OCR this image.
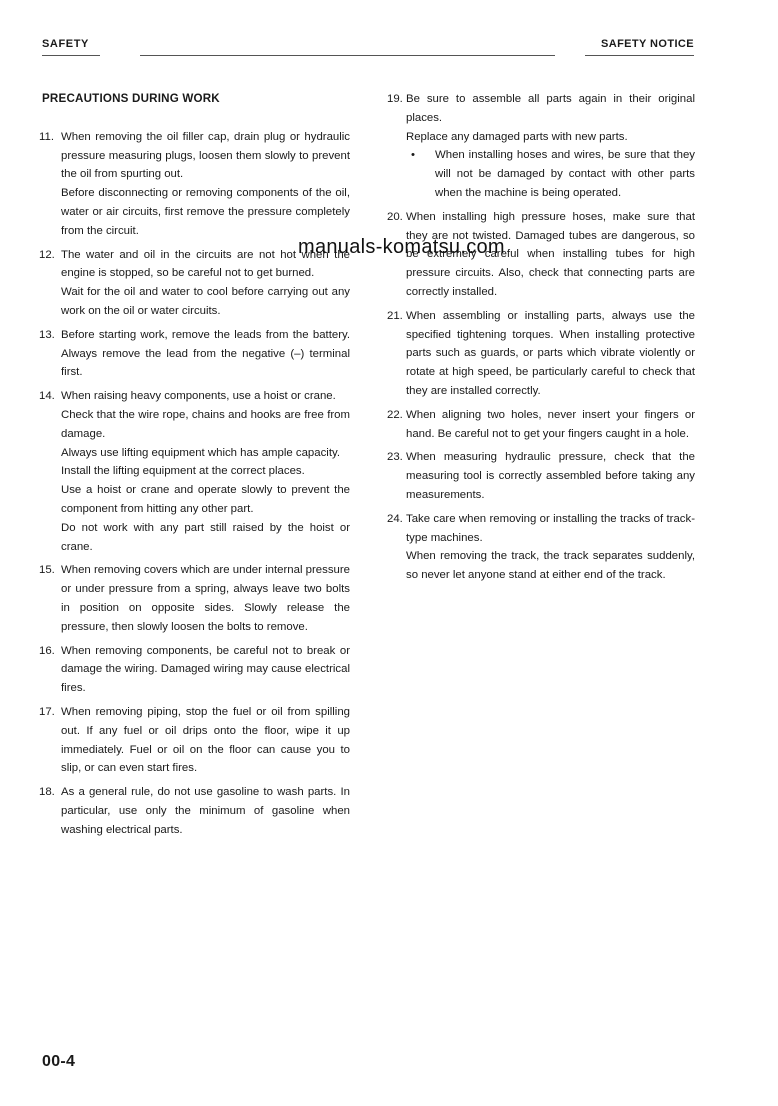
SAFETY	SAFETY NOTICE
PRECAUTIONS DURING WORK
11. When removing the oil filler cap, drain plug or hydraulic pressure measuring plugs, loosen them slowly to prevent the oil from spurting out.

Before disconnecting or removing components of the oil, water or air circuits, first remove the pressure completely from the circuit.

12. The water and oil in the circuits are not hot when the engine is stopped, so be careful not to get burned.

Wait for the oil and water to cool before carrying out any work on the oil or water circuits.

13. Before starting work, remove the leads from the battery. Always remove the lead from the negative (–) terminal first.

14. When raising heavy components, use a hoist or crane.

Check that the wire rope, chains and hooks are free from damage.

Always use lifting equipment which has ample capacity.

Install the lifting equipment at the correct places.

Use a hoist or crane and operate slowly to prevent the component from hitting any other part.

Do not work with any part still raised by the hoist or crane.

15. When removing covers which are under internal pressure or under pressure from a spring, always leave two bolts in position on opposite sides. Slowly release the pressure, then slowly loosen the bolts to remove.

16. When removing components, be careful not to break or damage the wiring. Damaged wiring may cause electrical fires.

17. When removing piping, stop the fuel or oil from spilling out. If any fuel or oil drips onto the floor, wipe it up immediately. Fuel or oil on the floor can cause you to slip, or can even start fires.

18. As a general rule, do not use gasoline to wash parts. In particular, use only the minimum of gasoline when washing electrical parts.

19. Be sure to assemble all parts again in their original places.

Replace any damaged parts with new parts.

• When installing hoses and wires, be sure that they will not be damaged by contact with other parts when the machine is being operated.

20. When installing high pressure hoses, make sure that they are not twisted. Damaged tubes are dangerous, so be extremely careful when installing tubes for high pressure circuits. Also, check that connecting parts are correctly installed.

21. When assembling or installing parts, always use the specified tightening torques. When installing protective parts such as guards, or parts which vibrate violently or rotate at high speed, be particularly careful to check that they are installed correctly.

22. When aligning two holes, never insert your fingers or hand. Be careful not to get your fingers caught in a hole.

23. When measuring hydraulic pressure, check that the measuring tool is correctly assembled before taking any measurements.

24. Take care when removing or installing the tracks of track-type machines.

When removing the track, the track separates suddenly, so never let anyone stand at either end of the track.

manuals-komatsu.com
00-4
